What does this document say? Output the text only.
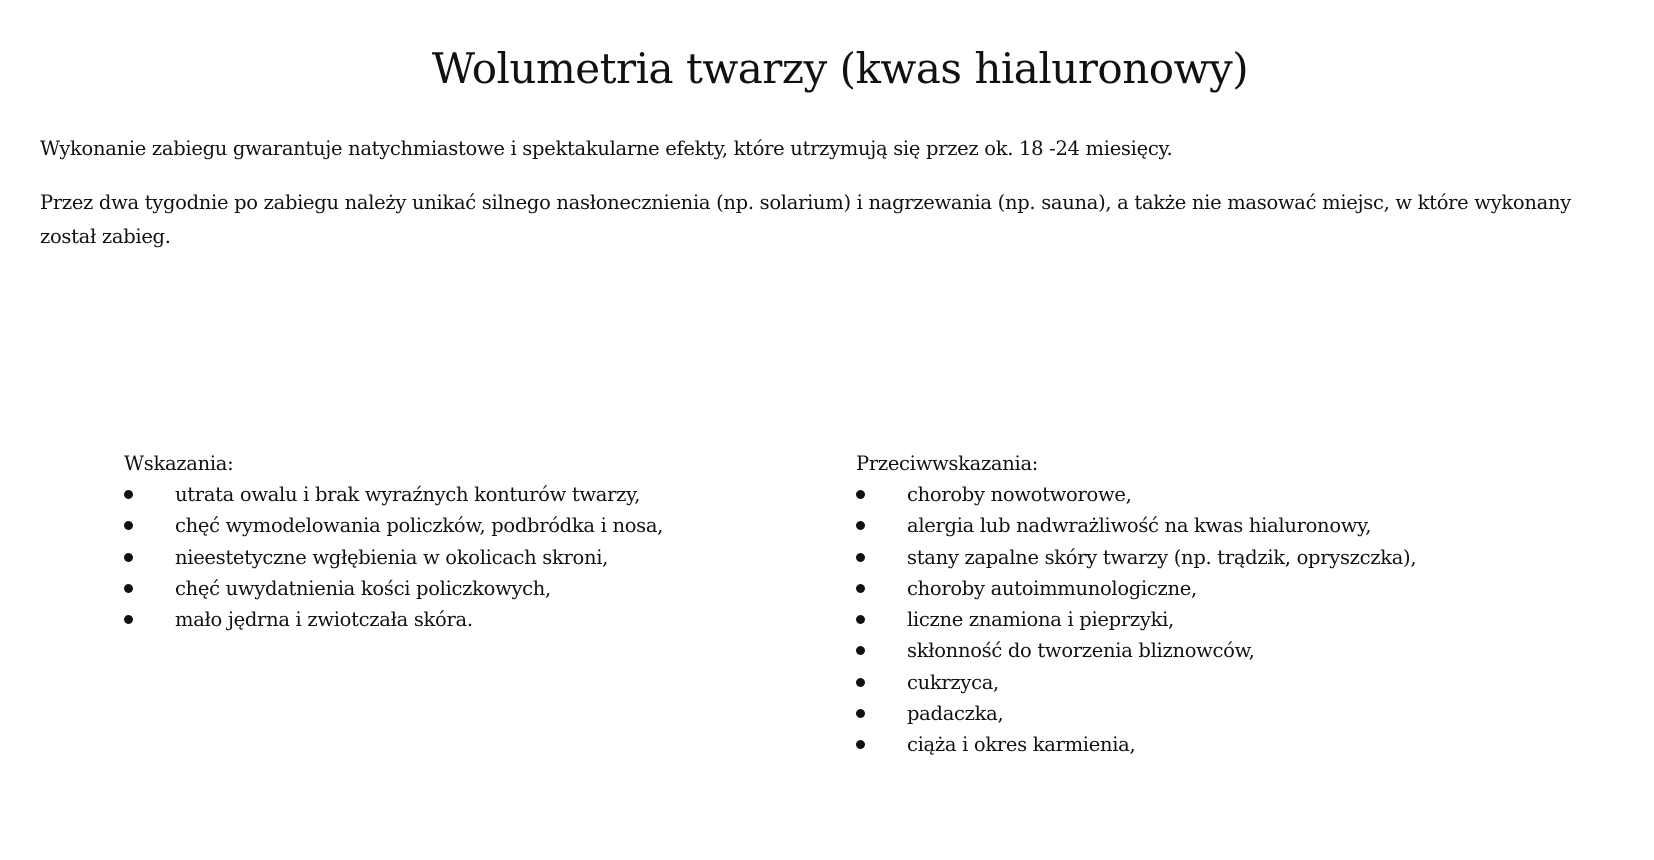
Wolumetria twarzy (kwas hialuronowy)

Wykonanie zabiegu gwarantuje natychmiastowe i spektakularne efekty, które utrzymują się przez ok. 18 -24 miesięcy.

Przez dwa tygodnie po zabiegu należy unikać silnego nasłonecznienia (np. solarium) i nagrzewania (np. sauna), a także nie masować miejsc, w które wykonany został zabieg.

Wskazania:
utrata owalu i brak wyraźnych konturów twarzy,
chęć wymodelowania policzków, podbródka i nosa,
nieestetyczne wgłębienia w okolicach skroni,
chęć uwydatnienia kości policzkowych,
mało jędrna i zwiotczała skóra.
Przeciwwskazania:
choroby nowotworowe,
alergia lub nadwrażliwość na kwas hialuronowy,
stany zapalne skóry twarzy (np. trądzik, opryszczka),
choroby autoimmunologiczne,
liczne znamiona i pieprzyki,
skłonność do tworzenia bliznowców,
cukrzyca,
padaczka,
ciąża i okres karmienia,
